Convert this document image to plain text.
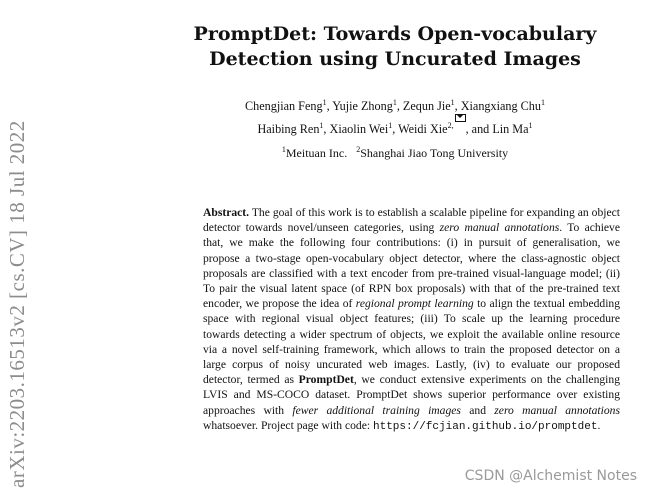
arXiv:2203.16513v2 [cs.CV] 18 Jul 2022
PromptDet: Towards Open-vocabulary
Detection using Uncurated Images
Chengjian Feng$^1$, Yujie Zhong$^1$, Zequn Jie$^1$, Xiangxiang Chu$^1$
Haibing Ren$^1$, Xiaolin Wei$^1$, Weidi Xie$^{2,}$ , and Lin Ma$^1$
$^1$Meituan Inc. $^2$Shanghai Jiao Tong University
Abstract. The goal of this work is to establish a scalable pipeline for expanding an object detector towards novel/unseen categories, using zero manual annotations. To achieve that, we make the following four contributions: (i) in pursuit of generalisation, we propose a two-stage open-vocabulary object detector, where the class-agnostic object proposals are classified with a text encoder from pre-trained visual-language model; (ii) To pair the visual latent space (of RPN box proposals) with that of the pre-trained text encoder, we propose the idea of regional prompt learning to align the textual embedding space with regional visual object features; (iii) To scale up the learning procedure towards detecting a wider spectrum of objects, we exploit the available online resource via a novel self-training framework, which allows to train the proposed detector on a large corpus of noisy uncurated web images. Lastly, (iv) to evaluate our proposed detector, termed as PromptDet, we conduct extensive experiments on the challenging LVIS and MS-COCO dataset. PromptDet shows superior performance over existing approaches with fewer additional training images and zero manual annotations whatsoever. Project page with code: https://fcjian.github.io/promptdet.
CSDN @Alchemist Notes
